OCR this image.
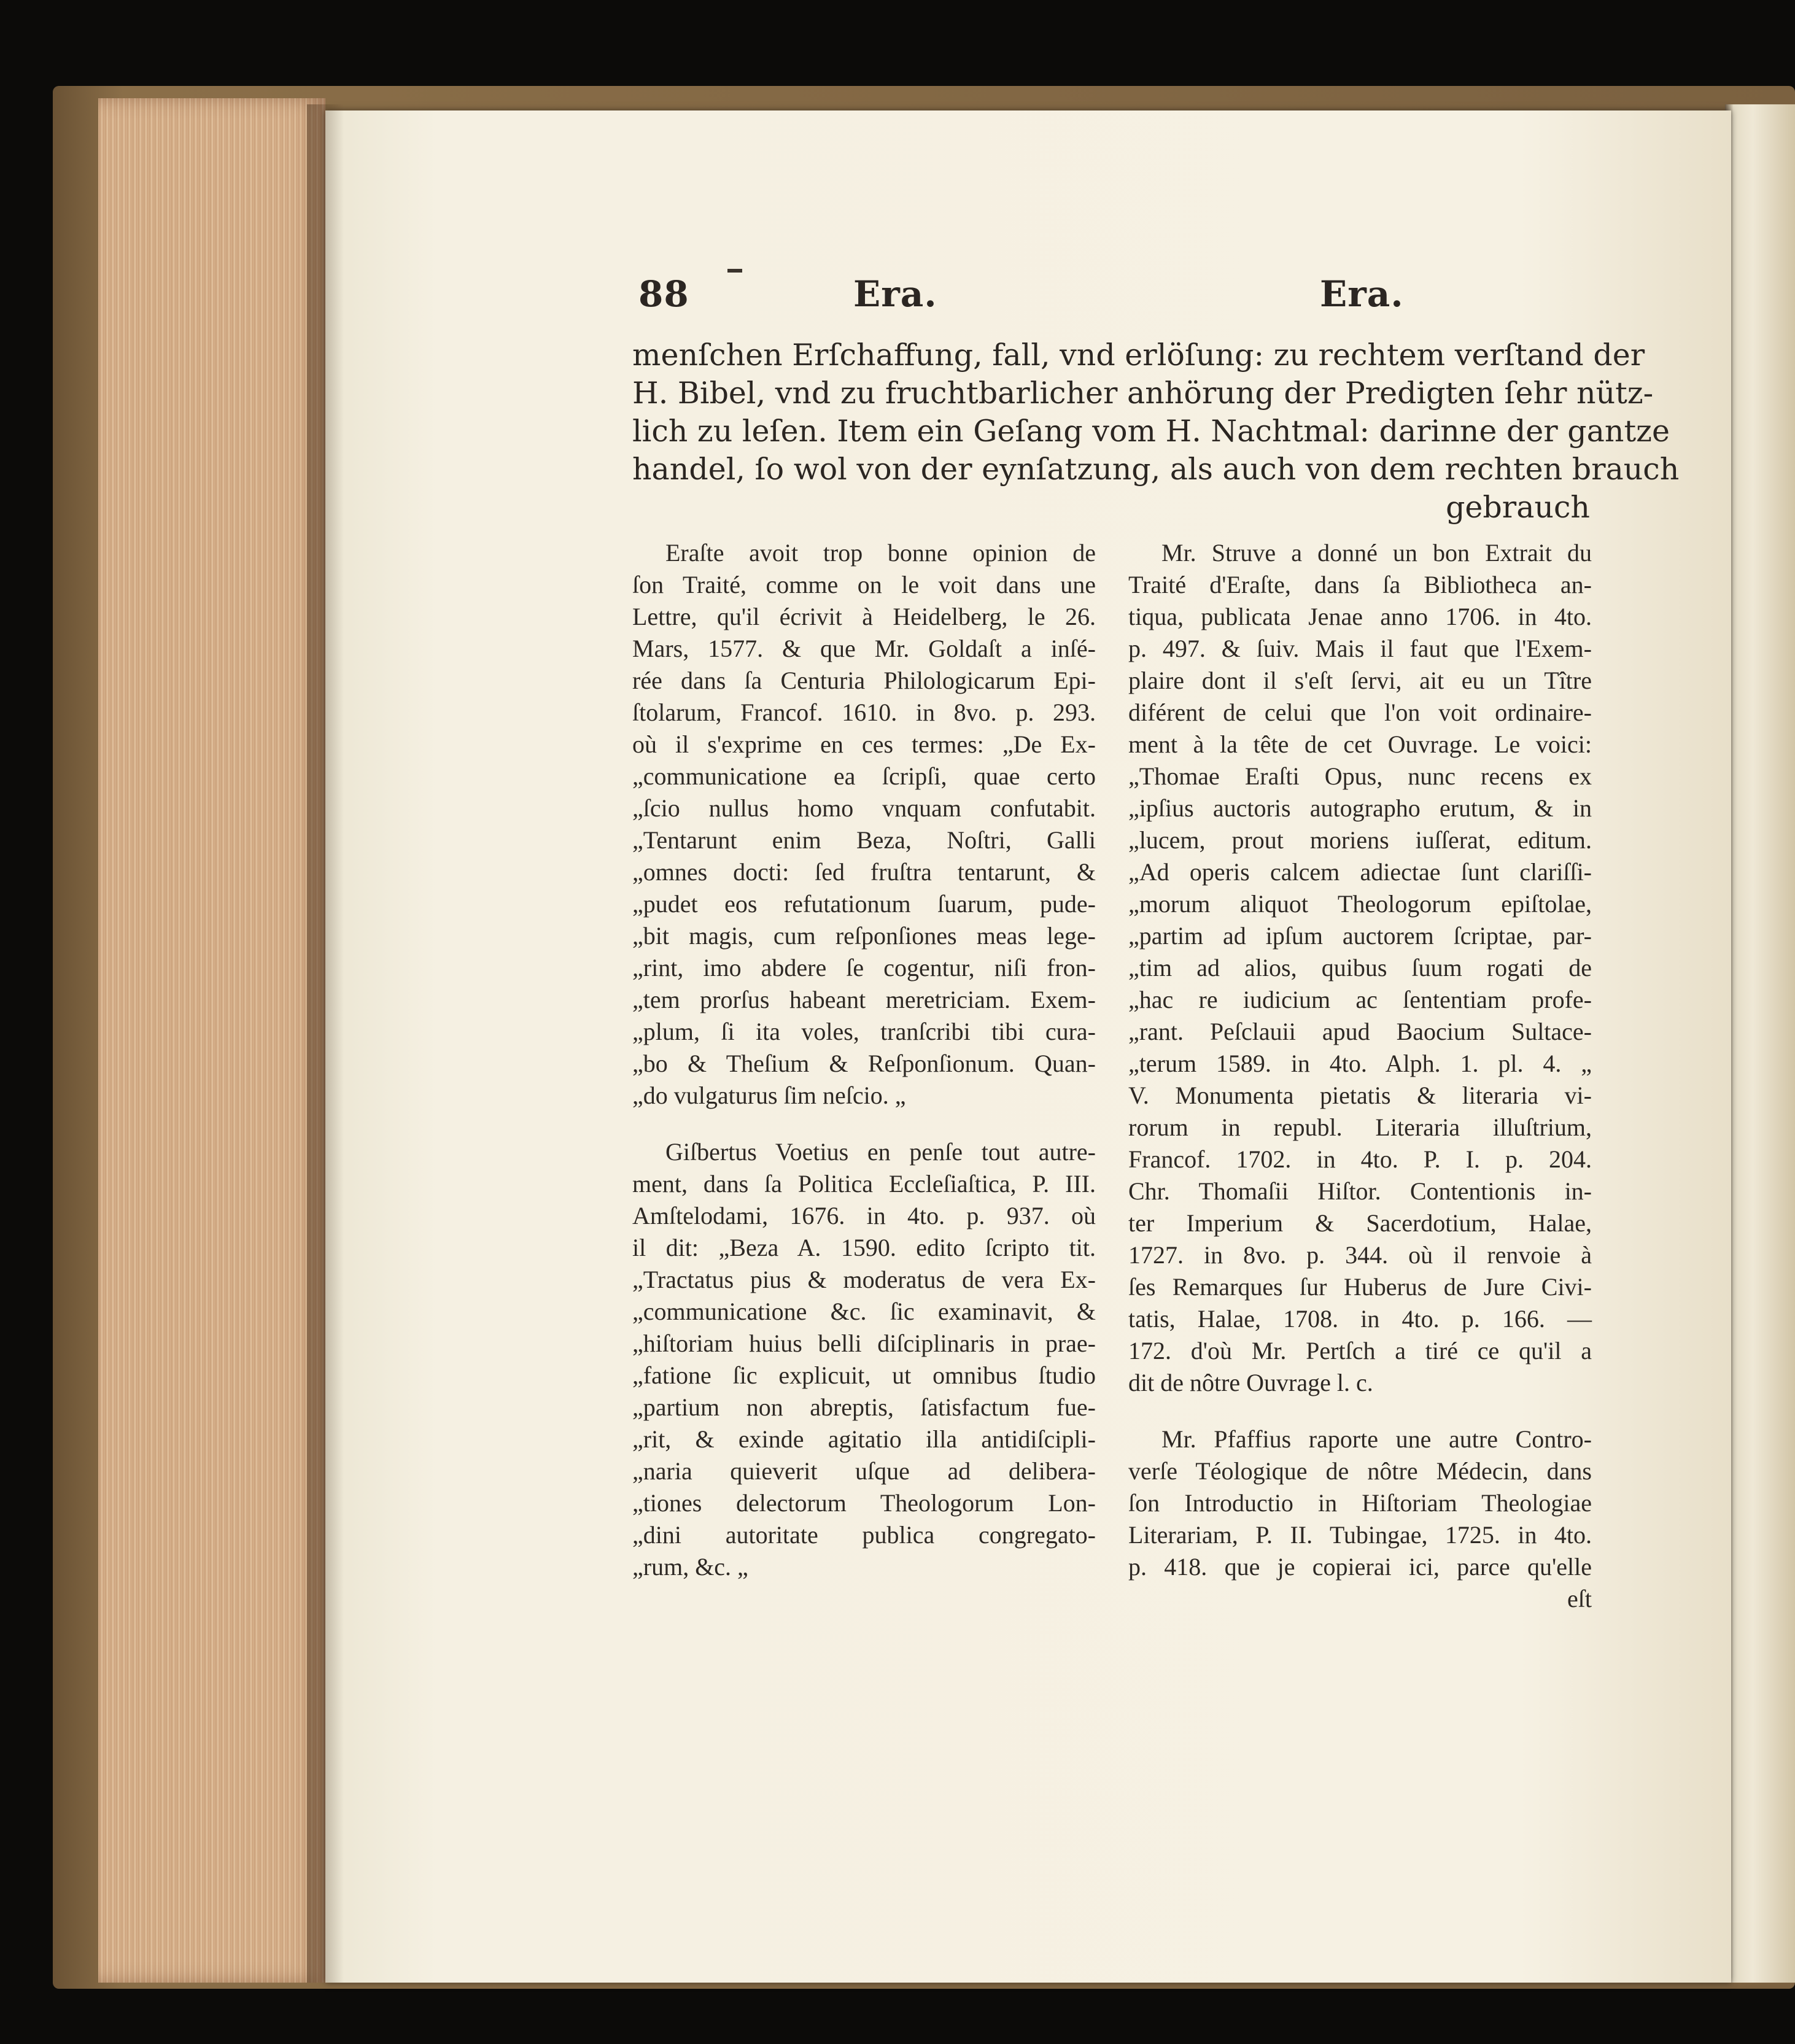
88	Era.	Era.
menſchen Erſchaffung, fall, vnd erlöſung: zu rechtem verſtand der
H. Bibel, vnd zu fruchtbarlicher anhörung der Predigten ſehr nütz-
lich zu leſen. Item ein Geſang vom H. Nachtmal: darinne der gantze
handel, ſo wol von der eynſatzung, als auch von dem rechten brauch
gebrauch
Eraſte avoit trop bonne opinion de
ſon Traité, comme on le voit dans une
Lettre, qu'il écrivit à Heidelberg, le 26.
Mars, 1577. & que Mr. Goldaſt a inſé-
rée dans ſa Centuria Philologicarum Epi-
ſtolarum, Francof. 1610. in 8vo. p. 293.
où il s'exprime en ces termes: „De Ex-
„communicatione ea ſcripſi, quae certo
„ſcio nullus homo vnquam confutabit.
„Tentarunt enim Beza, Noſtri, Galli
„omnes docti: ſed fruſtra tentarunt, &
„pudet eos refutationum ſuarum, pude-
„bit magis, cum reſponſiones meas lege-
„rint, imo abdere ſe cogentur, niſi fron-
„tem prorſus habeant meretriciam. Exem-
„plum, ſi ita voles, tranſcribi tibi cura-
„bo & Theſium & Reſponſionum. Quan-
„do vulgaturus ſim neſcio. „
Giſbertus Voetius en penſe tout autre-
ment, dans ſa Politica Eccleſiaſtica, P. III.
Amſtelodami, 1676. in 4to. p. 937. où
il dit: „Beza A. 1590. edito ſcripto tit.
„Tractatus pius & moderatus de vera Ex-
„communicatione &c. ſic examinavit, &
„hiſtoriam huius belli diſciplinaris in prae-
„fatione ſic explicuit, ut omnibus ſtudio
„partium non abreptis, ſatisfactum fue-
„rit, & exinde agitatio illa antidiſcipli-
„naria quieverit uſque ad delibera-
„tiones delectorum Theologorum Lon-
„dini autoritate publica congregato-
„rum, &c. „
Mr. Struve a donné un bon Extrait du
Traité d'Eraſte, dans ſa Bibliotheca an-
tiqua, publicata Jenae anno 1706. in 4to.
p. 497. & ſuiv. Mais il faut que l'Exem-
plaire dont il s'eſt ſervi, ait eu un Tître
diférent de celui que l'on voit ordinaire-
ment à la tête de cet Ouvrage. Le voici:
„Thomae Eraſti Opus, nunc recens ex
„ipſius auctoris autographo erutum, & in
„lucem, prout moriens iuſſerat, editum.
„Ad operis calcem adiectae ſunt clariſſi-
„morum aliquot Theologorum epiſtolae,
„partim ad ipſum auctorem ſcriptae, par-
„tim ad alios, quibus ſuum rogati de
„hac re iudicium ac ſententiam profe-
„rant. Peſclauii apud Baocium Sultace-
„terum 1589. in 4to. Alph. 1. pl. 4. „
V. Monumenta pietatis & literaria vi-
rorum in republ. Literaria illuſtrium,
Francof. 1702. in 4to. P. I. p. 204.
Chr. Thomaſii Hiſtor. Contentionis in-
ter Imperium & Sacerdotium, Halae,
1727. in 8vo. p. 344. où il renvoie à
ſes Remarques ſur Huberus de Jure Civi-
tatis, Halae, 1708. in 4to. p. 166. —
172. d'où Mr. Pertſch a tiré ce qu'il a
dit de nôtre Ouvrage l. c.
Mr. Pfaffius raporte une autre Contro-
verſe Téologique de nôtre Médecin, dans
ſon Introductio in Hiſtoriam Theologiae
Literariam, P. II. Tubingae, 1725. in 4to.
p. 418. que je copierai ici, parce qu'elle
eſt
